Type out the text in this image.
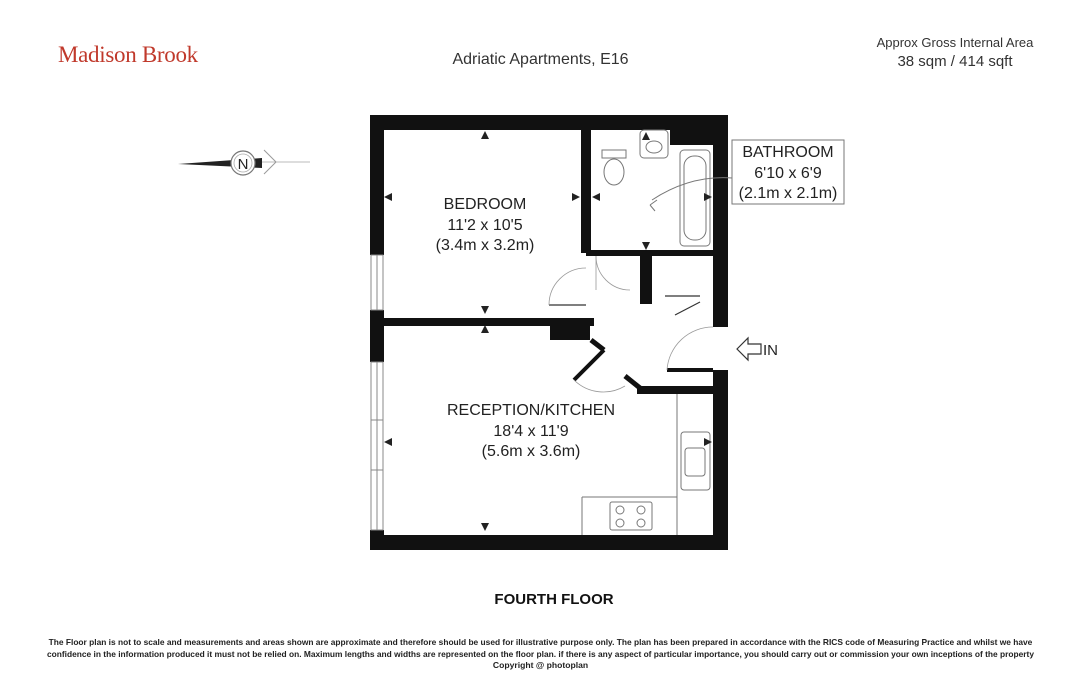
Madison Brook	Adriatic Apartments, E16
Approx Gross Internal Area
38 sqm / 414 sqft
N
IN
BEDROOM
11'2 x 10'5
(3.4m x 3.2m)
BATHROOM
6'10 x 6'9
(2.1m x 2.1m)
RECEPTION/KITCHEN
18'4 x 11'9
(5.6m x 3.6m)
FOURTH FLOOR
The Floor plan is not to scale and measurements and areas shown are approximate and therefore should be used for illustrative purpose only. The plan has been prepared in accordance with the RICS code of Measuring Practice and whilst we have
confidence in the information produced it must not be relied on. Maximum lengths and widths are represented on the floor plan. if there is any aspect of particular importance, you should carry out or commission your own inceptions of the property
Copyright @ photoplan
